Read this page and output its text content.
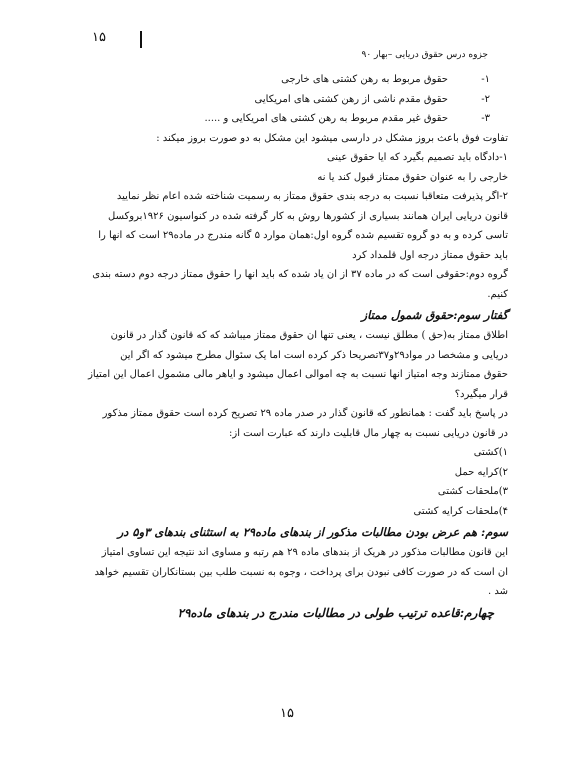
۱۵
جزوه درس حقوق دریایی –بهار ۹۰
۱-
حقوق مربوط به رهن کشتی های خارجی
۲-
حقوق مقدم ناشی از رهن کشتی های امریکایی
۳-
حقوق غیر مقدم مربوط به رهن کشتی های امریکایی و .....
تفاوت فوق باعث بروز مشکل در دارسی میشود این مشکل به دو صورت بروز میکند :
۱-دادگاه باید تصمیم بگیرد که ایا حقوق عینی
خارجی را به عنوان حقوق ممتاز قبول کند یا نه
۲-اگر پذیرفت متعاقبا نسبت به درجه بندی حقوق ممتاز به رسمیت شناخته شده اعام نظر نمایید
قانون دریایی ایران همانند بسیاری از کشورها روش به کار گرفته شده در کنواسیون ۱۹۲۶بروکسل
تاسی کرده و به دو گروه تقسیم شده گروه اول:همان موارد ۵ گانه مندرج در ماده۲۹ است که انها را
باید حقوق ممتاز درجه اول قلمداد کرد
گروه دوم:حقوقی است که در ماده ۳۷ از ان یاد شده که باید انها را حقوق ممتاز درجه دوم دسته بندی
کنیم.
گفتار سوم:حقوق شمول ممتاز
اطلاق ممتاز به(حق ) مطلق نیست ، یعنی تنها ان حقوق ممتاز میباشد که که قانون گذار در قانون
دریایی و مشخصا در مواد۲۹و۳۷تصریحا ذکر کرده است اما یک سئوال مطرح میشود که اگر این
حقوق ممتازند وجه امتیاز انها نسبت به چه اموالی اعمال میشود و ایاهر مالی مشمول اعمال این امتیاز
قرار میگیرد؟
در پاسخ باید گفت : همانطور که قانون گذار در صدر ماده ۲۹ تصریح کرده است حقوق ممتاز مذکور
در قانون دریایی نسبت به چهار مال قابلیت دارند که عبارت است از:
۱)کشتی
۲)کرایه حمل
۳)ملحقات کشتی
۴)ملحقات کرایه کشتی
سوم: هم عرض بودن مطالبات مذکور از بندهای ماده۲۹ به استثنای بندهای ۳و۵ در
این قانون مطالبات مذکور در هریک از بندهای ماده ۲۹ هم رتبه و مساوی اند نتیجه این تساوی امتیاز
ان است که در صورت کافی نبودن برای پرداخت ، وجوه به نسبت طلب بین بستانکاران تقسیم خواهد
شد .
چهارم:قاعده ترتیب طولی در مطالبات مندرج در بندهای ماده۲۹
۱۵
